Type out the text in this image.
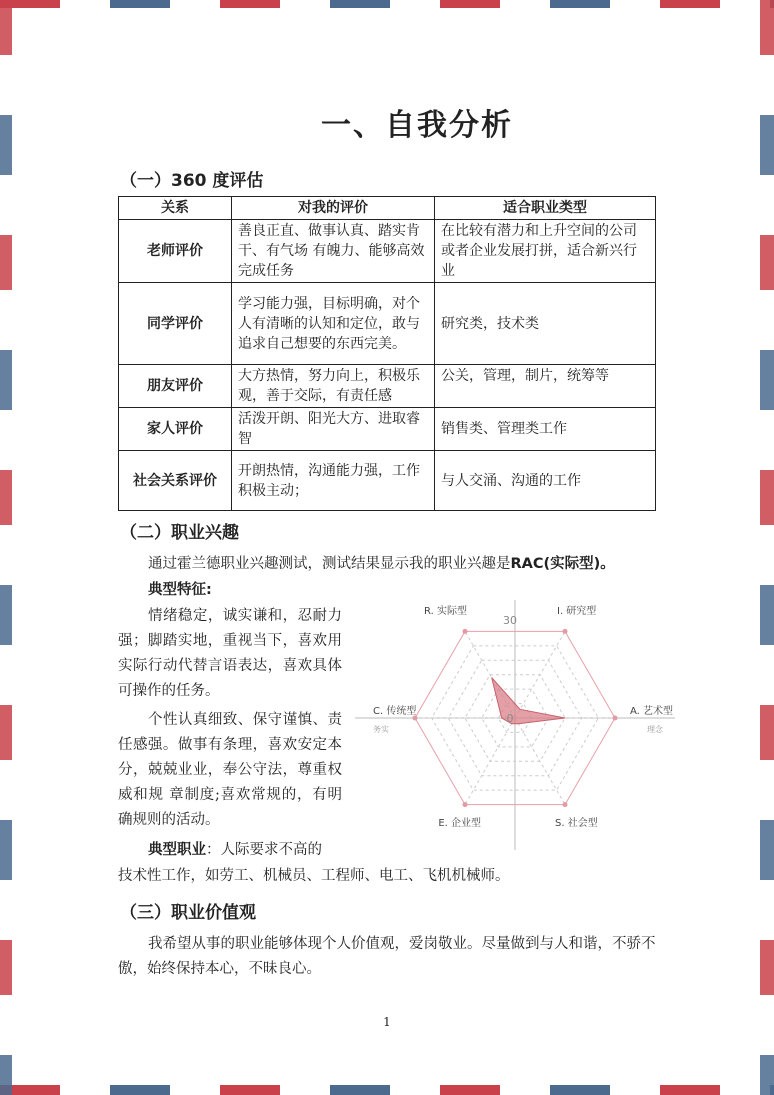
一、自我分析
（一）360 度评估
关系	对我的评价	适合职业类型
老师评价	善良正直、做事认真、踏实肯干、有气场 有魄力、能够高效完成任务	在比较有潜力和上升空间的公司或者企业发展打拼，适合新兴行业
同学评价	学习能力强，目标明确，对个人有清晰的认知和定位，敢与追求自己想要的东西完美。	研究类，技术类
朋友评价	大方热情，努力向上，积极乐观，善于交际，有责任感	公关，管理，制片，统筹等
家人评价	活泼开朗、阳光大方、进取睿智	销售类、管理类工作
社会关系评价	开朗热情，沟通能力强，工作积极主动；	与人交涌、沟通的工作
（二）职业兴趣
通过霍兰德职业兴趣测试，测试结果显示我的职业兴趣是RAC(实际型)。
典型特征:
情绪稳定，诚实谦和，忍耐力强；脚踏实地，重视当下，喜欢用实际行动代替言语表达，喜欢具体可操作的任务。
个性认真细致、保守谨慎、责任感强。做事有条理，喜欢安定本分，兢兢业业，奉公守法，尊重权威和规 章制度;喜欢常规的，有明确规则的活动。
典型职业：人际要求不高的
技术性工作，如劳工、机械员、工程师、电工、飞机机械师。
R. 实际型	I. 研究型
A. 艺术型
S. 社会型
E. 企业型
C. 传统型
0
30
务实	理念
（三）职业价值观
我希望从事的职业能够体现个人价值观，爱岗敬业。尽量做到与人和谐，不骄不傲，始终保持本心，不昧良心。
1
